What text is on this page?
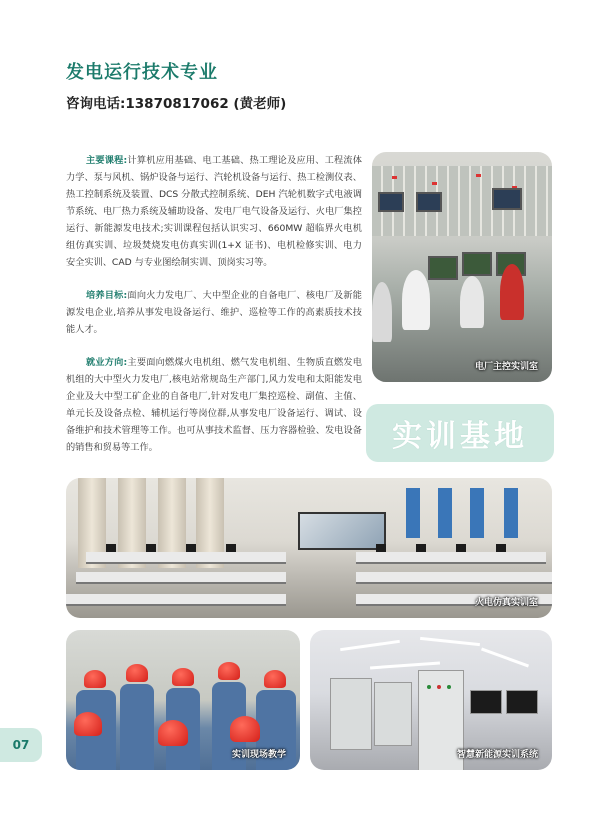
发电运行技术专业
咨询电话:13870817062 (黄老师)

主要课程:计算机应用基础、电工基础、热工理论及应用、工程流体力学、泵与风机、锅炉设备与运行、汽轮机设备与运行、热工检测仪表、热工控制系统及装置、DCS 分散式控制系统、DEH 汽轮机数字式电液调节系统、电厂热力系统及辅助设备、发电厂电气设备及运行、火电厂集控运行、新能源发电技术;实训课程包括认识实习、660MW 超临界火电机组仿真实训、垃圾焚烧发电仿真实训(1+X 证书)、电机检修实训、电力安全实训、CAD 与专业图绘制实训、顶岗实习等。

培养目标:面向火力发电厂、大中型企业的自备电厂、核电厂及新能源发电企业,培养从事发电设备运行、维护、巡检等工作的高素质技术技能人才。

就业方向:主要面向燃煤火电机组、燃气发电机组、生物质直燃发电机组的大中型火力发电厂,核电站常规岛生产部门,风力发电和太阳能发电企业及大中型工矿企业的自备电厂,针对发电厂集控巡检、副值、主值、单元长及设备点检、辅机运行等岗位群,从事发电厂设备运行、调试、设备维护和技术管理等工作。也可从事技术监督、压力容器检验、发电设备的销售和贸易等工作。

电厂主控实训室
实训基地
火电仿真实训室
实训现场教学	智慧新能源实训系统
07
